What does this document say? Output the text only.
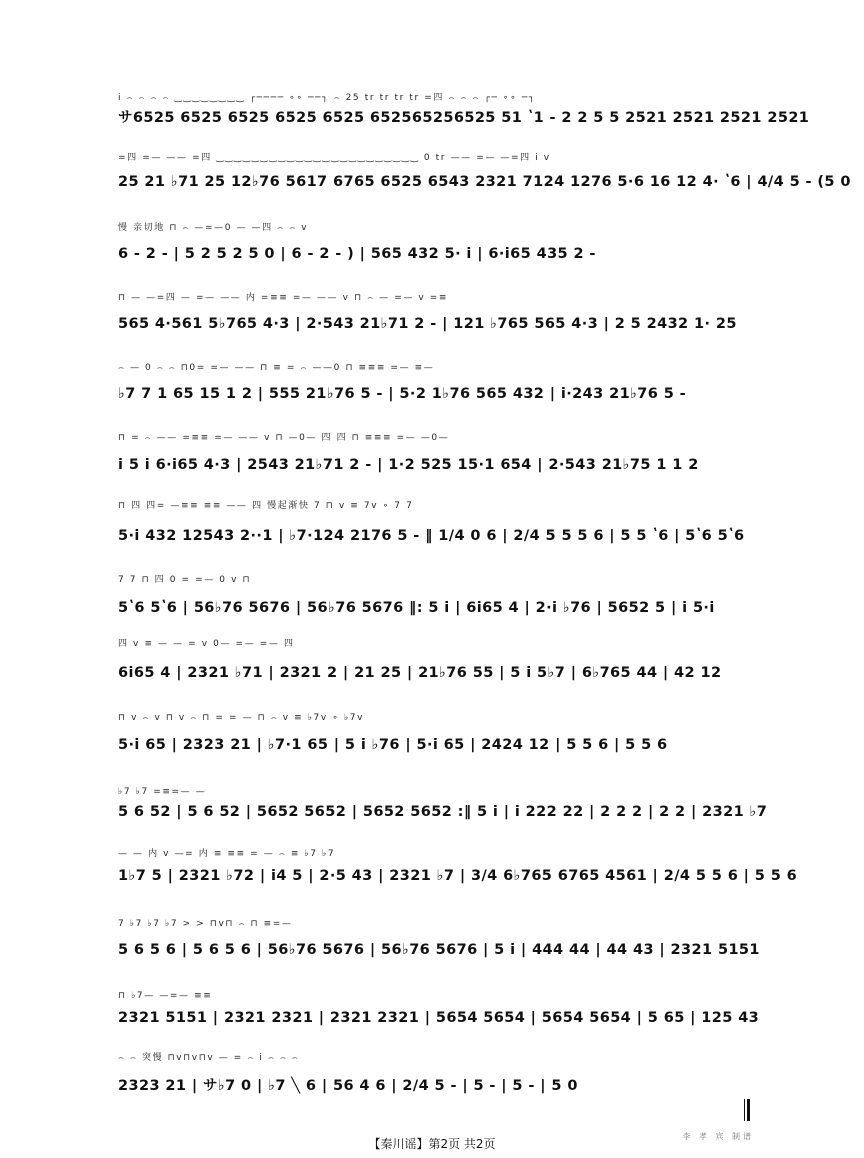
i ⌢ ⌢ ⌢ ⌢ ‿‿‿‿‿‿‿‿ ┌──── ∘∘ ──┐ ⌢ 25 tr tr tr tr =四 ⌢ ⌢ ⌢ ┌─ ∘∘ ─┐
サ6525 6525 6525 6525 6525 652565256525 51 ʽ1 - 2 2 5 5 2521 2521 2521 2521
=四 =— —— =四 ‿‿‿‿‿‿‿‿‿‿‿‿‿‿‿‿‿‿‿‿‿‿‿ 0 tr —— =— —=四 i v
25 21 ♭71 25 12♭76 5617 6765 6525 6543 2321 7124 1276 5·6 16 12 4· ʽ6 | 4/4 5 - (5 0
慢 亲切地 ⊓ ⌢ —=—0 — —四 ⌢ ⌢ v
6 - 2 - | 5 2 5 2 5 0 | 6 - 2 - ) | 565 432 5· i | 6·i65 435 2 -
⊓ — —=四 — =— —— 内 =≡≡ =— —— v ⊓ ⌢ — =— v =≡
565 4·561 5♭765 4·3 | 2·543 21♭71 2 - | 121 ♭765 565 4·3 | 2 5 2432 1· 25
⌢ — 0 ⌢ ⌢ ⊓0= =— —— ⊓ ≡ = ⌢ ——0 ⊓ ≡≡≡ =— ≡—
♭7 7 1 65 15 1 2 | 555 21♭76 5 - | 5·2 1♭76 565 432 | i·243 21♭76 5 -
⊓ = ⌢ —— =≡≡ =— —— v ⊓ —0— 四 四 ⊓ ≡≡≡ =— —0—
i 5 i 6·i65 4·3 | 2543 21♭71 2 - | 1·2 525 15·1 654 | 2·543 21♭75 1 1 2
⊓ 四 四= —≡≡ ≡≡ —— 四 慢起渐快 7 ⊓ v ≡ 7v ∘ 7 7
5·i 432 12543 2··1 | ♭7·124 2176 5 - ‖ 1/4 0 6 | 2/4 5 5 5 6 | 5 5 ʽ6 | 5ʽ6 5ʽ6
7 7 ⊓ 四 0 = =— 0 v ⊓
5ʽ6 5ʽ6 | 56♭76 5676 | 56♭76 5676 ‖: 5 i | 6i65 4 | 2·i ♭76 | 5652 5 | i 5·i
四 v ≡ — — = v 0— =— =— 四
6i65 4 | 2321 ♭71 | 2321 2 | 21 25 | 21♭76 55 | 5 i 5♭7 | 6♭765 44 | 42 12
⊓ v ⌢ v ⊓ v ⌢ ⊓ = = — ⊓ ⌢ v ≡ ♭7v ∘ ♭7v
5·i 65 | 2323 21 | ♭7·1 65 | 5 i ♭76 | 5·i 65 | 2424 12 | 5 5 6 | 5 5 6
♭7 ♭7 =≡=— —
5 6 52 | 5 6 52 | 5652 5652 | 5652 5652 :‖ 5 i | i 222 22 | 2 2 2 | 2 2 | 2321 ♭7
— — 内 v —= 内 ≡ ≡≡ = — ⌢ ≡ ♭7 ♭7
1♭7 5 | 2321 ♭72 | i4 5 | 2·5 43 | 2321 ♭7 | 3/4 6♭765 6765 4561 | 2/4 5 5 6 | 5 5 6
7 ♭7 ♭7 ♭7 > > ⊓v⊓ ⌢ ⊓ ≡=—
5 6 5 6 | 5 6 5 6 | 56♭76 5676 | 56♭76 5676 | 5 i | 444 44 | 44 43 | 2321 5151
⊓ ♭7— —=— ≡≡
2321 5151 | 2321 2321 | 2321 2321 | 5654 5654 | 5654 5654 | 5 65 | 125 43
⌢ ⌢ 突慢 ⊓v⊓v⊓v — = ⌢ i ⌢ ⌢ ⌢
2323 21 | サ♭7 0 | ♭7 ╲ 6 | 56 4 6 | 2/4 5 - | 5 - | 5 - | 5 0
【秦川谣】第2页 共2页
李 孝 宾 制谱
